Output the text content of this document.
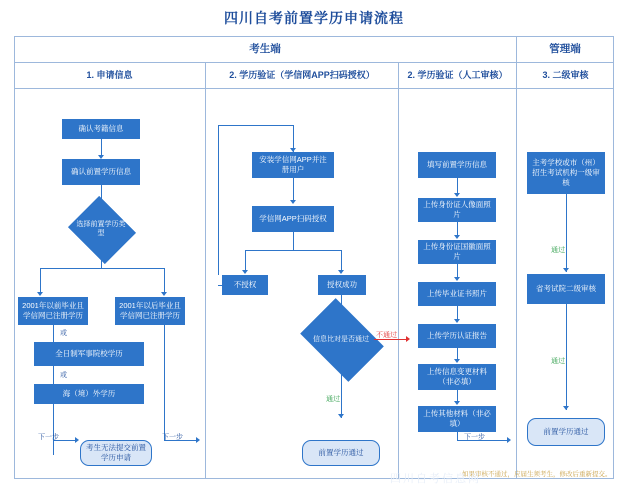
四川自考前置学历申请流程
考生端	管理端
1. 申请信息	2. 学历验证（学信网APP扫码授权）	2. 学历验证（人工审核）	3. 二级审核
确认考籍信息
确认前置学历信息
选择前置学历类型
2001年以前毕业且学信网已注册学历
2001年以后毕业且学信网已注册学历
或
全日制军事院校学历
或
海（境）外学历
下一步
考生无法提交前置学历申请
下一步
安装学信网APP并注册用户
学信网APP扫码授权
不授权	授权成功
信息比对是否通过	不通过
通过
前置学历通过
填写前置学历信息
上传身份证人像面照片
上传身份证国徽面照片
上传毕业证书照片
上传学历认证报告
上传信息变更材料（非必填）
上传其他材料（非必填）
下一步
主考学校或市（州）招生考试机构一级审核
通过
省考试院二级审核
通过
前置学历通过
如果审核不通过，应届生须考生，修改后重新提交。
四川自考信息网
